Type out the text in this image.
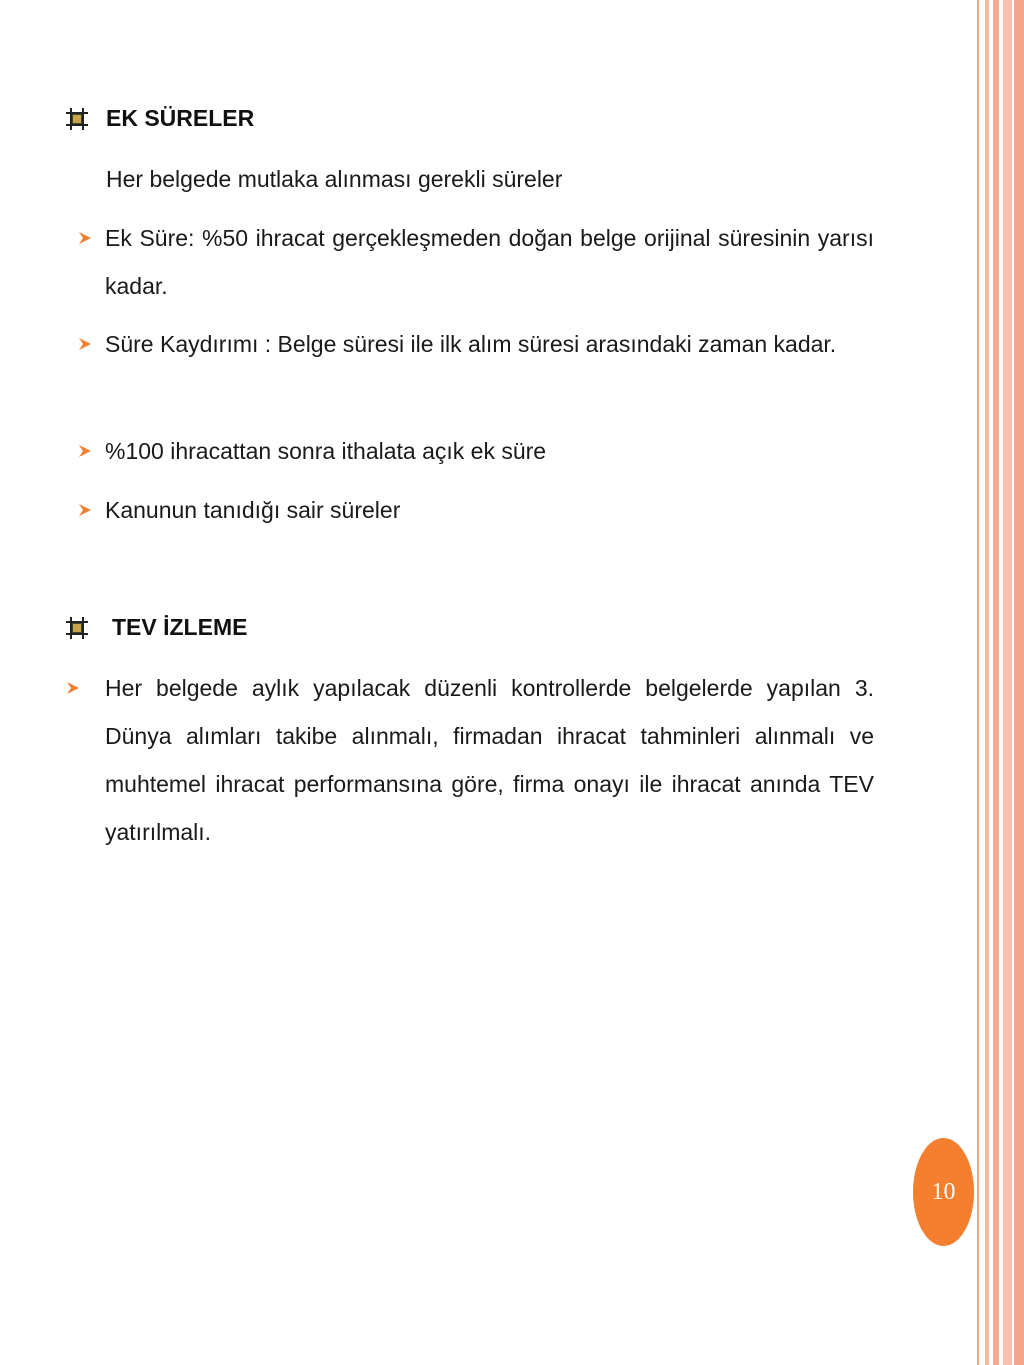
EK SÜRELER
Her belgede mutlaka alınması gerekli süreler
Ek Süre: %50 ihracat gerçekleşmeden doğan belge orijinal süresinin yarısı kadar.
Süre Kaydırımı : Belge süresi ile ilk alım süresi arasındaki zaman kadar.
%100 ihracattan sonra ithalata açık ek süre
Kanunun tanıdığı sair süreler
TEV İZLEME
Her belgede aylık yapılacak düzenli kontrollerde belgelerde yapılan 3. Dünya alımları takibe alınmalı, firmadan ihracat tahminleri alınmalı ve muhtemel ihracat performansına göre, firma onayı ile ihracat anında TEV yatırılmalı.
10
